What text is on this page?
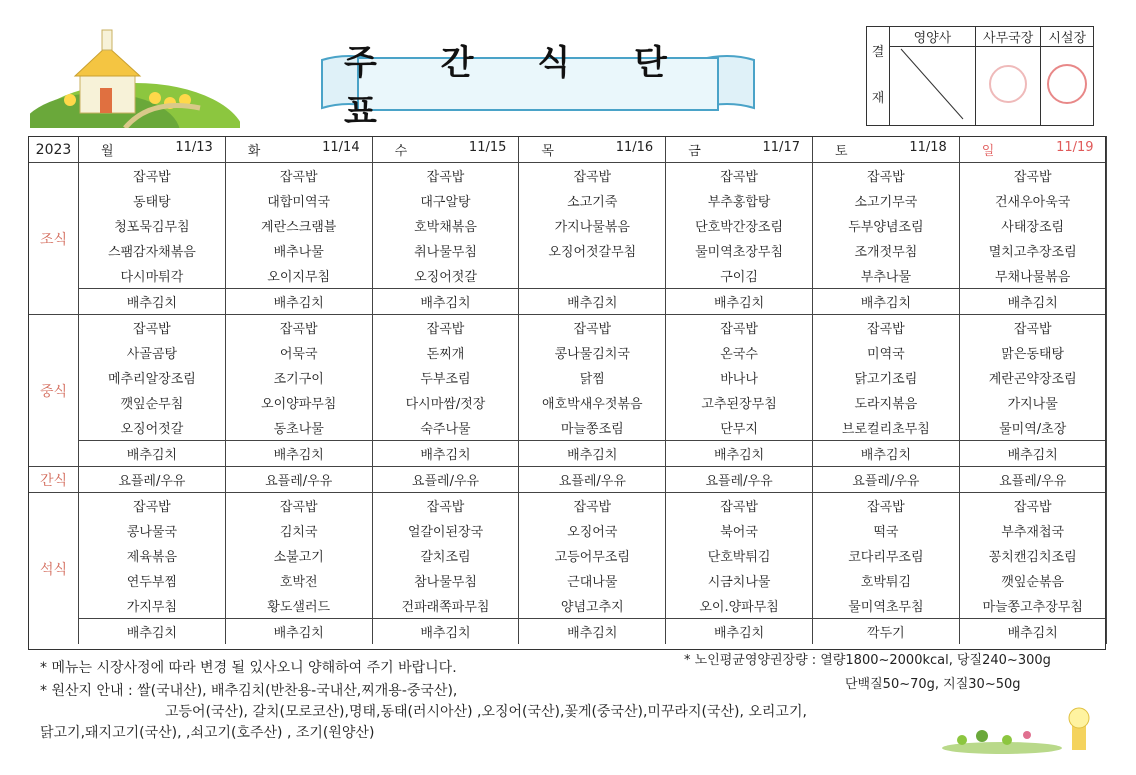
주 간 식 단 표
결
재	영양사	사무국장	시설장

2023	월 11/13	화 11/14	수 11/15	목 11/16	금 11/17	토 11/18	일 11/19

조식	잡곡밥	잡곡밥	잡곡밥	잡곡밥	잡곡밥	잡곡밥	잡곡밥
	동태탕	대합미역국	대구알탕	소고기죽	부추홍합탕	소고기무국	건새우아욱국
	청포묵김무침	계란스크램블	호박채볶음	가지나물볶음	단호박간장조림	두부양념조림	사태장조림
	스팸감자채볶음	배추나물	취나물무침	오징어젓갈무침	물미역초장무침	조개젓무침	멸치고추장조림
	다시마튀각	오이지무침	오징어젓갈		구이김	부추나물	무채나물볶음
	배추김치	배추김치	배추김치	배추김치	배추김치	배추김치	배추김치
중식	잡곡밥	잡곡밥	잡곡밥	잡곡밥	잡곡밥	잡곡밥	잡곡밥
	사골곰탕	어묵국	돈찌개	콩나물김치국	온국수	미역국	맑은동태탕
	메추리알장조림	조기구이	두부조림	닭찜	바나나	닭고기조림	계란곤약장조림
	깻잎순무침	오이양파무침	다시마쌈/젓장	애호박새우젓볶음	고추된장무침	도라지볶음	가지나물
	오징어젓갈	동초나물	숙주나물	마늘쫑조림	단무지	브로컬리초무침	물미역/초장
	배추김치	배추김치	배추김치	배추김치	배추김치	배추김치	배추김치
간식	요플레/우유	요플레/우유	요플레/우유	요플레/우유	요플레/우유	요플레/우유	요플레/우유
석식	잡곡밥	잡곡밥	잡곡밥	잡곡밥	잡곡밥	잡곡밥	잡곡밥
	콩나물국	김치국	얼갈이된장국	오징어국	북어국	떡국	부추재첩국
	제육볶음	소불고기	갈치조림	고등어무조림	단호박튀김	코다리무조림	꽁치캔김치조림
	연두부찜	호박전	참나물무침	근대나물	시금치나물	호박튀김	깻잎순볶음
	가지무침	황도샐러드	건파래쪽파무침	양념고추지	오이.양파무침	물미역초무침	마늘쫑고추장무침
	배추김치	배추김치	배추김치	배추김치	배추김치	깍두기	배추김치
* 메뉴는 시장사정에 따라 변경 될 있사오니 양해하여 주기 바랍니다.
* 원산지 안내 : 쌀(국내산), 배추김치(반찬용-국내산,찌개용-중국산),
고등어(국산), 갈치(모로코산),명태,동태(러시아산) ,오징어(국산),꽃게(중국산),미꾸라지(국산), 오리고기,
닭고기,돼지고기(국산), ,쇠고기(호주산) , 조기(원양산)
* 노인평균영양권장량 : 열량1800~2000kcal, 당질240~300g
단백질50~70g, 지질30~50g
